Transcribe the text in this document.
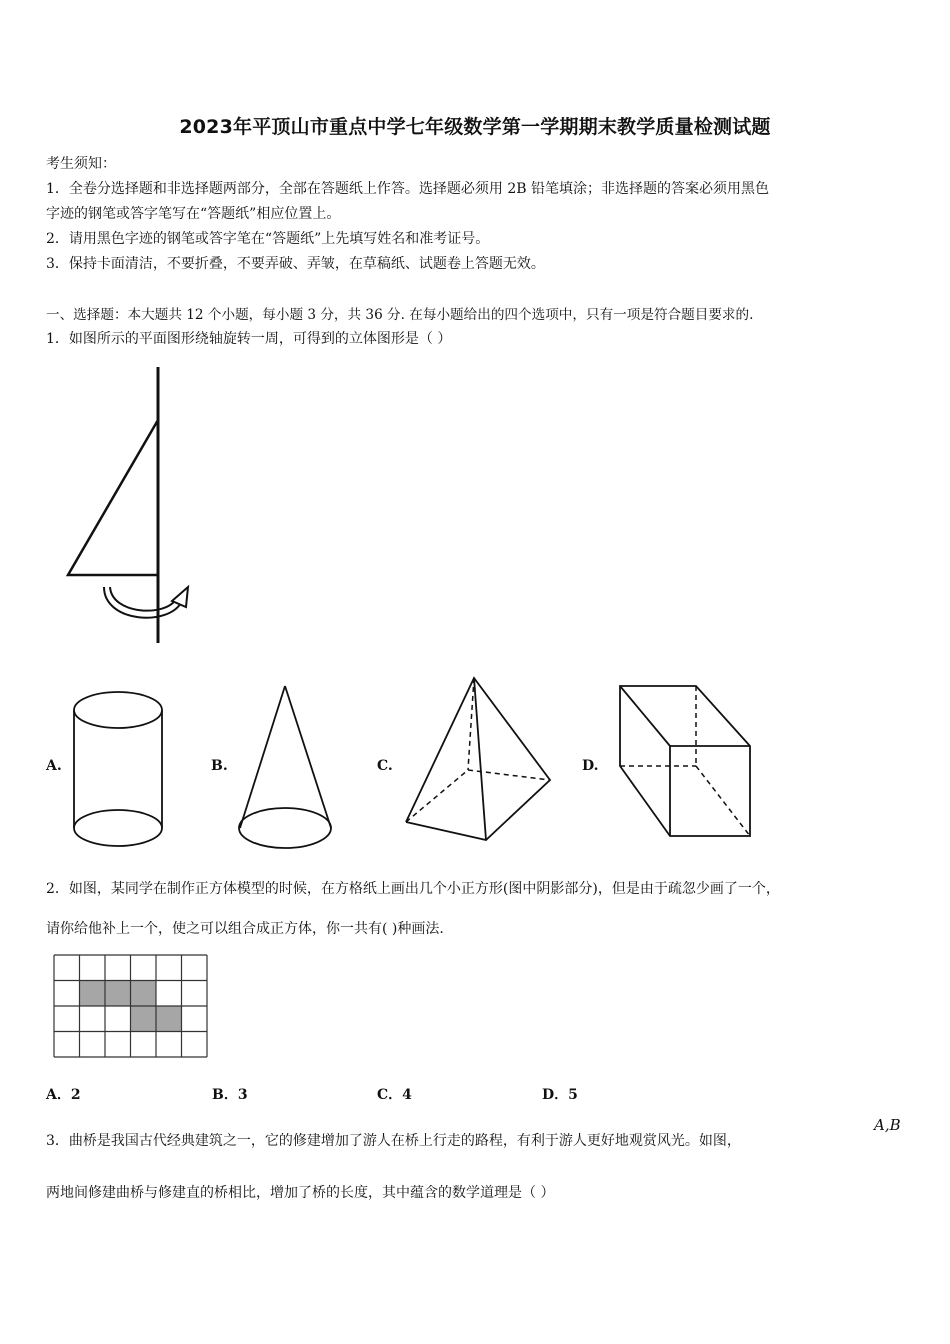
2023年平顶山市重点中学七年级数学第一学期期末教学质量检测试题
考生须知：
1．全卷分选择题和非选择题两部分，全部在答题纸上作答。选择题必须用 2B 铅笔填涂；非选择题的答案必须用黑色
字迹的钢笔或答字笔写在“答题纸”相应位置上。
2．请用黑色字迹的钢笔或答字笔在“答题纸”上先填写姓名和准考证号。
3．保持卡面清洁，不要折叠，不要弄破、弄皱，在草稿纸、试题卷上答题无效。
一、选择题：本大题共 12 个小题，每小题 3 分，共 36 分. 在每小题给出的四个选项中，只有一项是符合题目要求的.
1．如图所示的平面图形绕轴旋转一周，可得到的立体图形是（ ）
A.	B.	C.	D.
2．如图，某同学在制作正方体模型的时候，在方格纸上画出几个小正方形(图中阴影部分)，但是由于疏忽少画了一个，
请你给他补上一个，使之可以组合成正方体，你一共有( )种画法.
A．2	B．3	C．4	D．5
3．曲桥是我国古代经典建筑之一，它的修建增加了游人在桥上行走的路程，有利于游人更好地观赏风光。如图，
A,B
两地间修建曲桥与修建直的桥相比，增加了桥的长度，其中蕴含的数学道理是（ ）
